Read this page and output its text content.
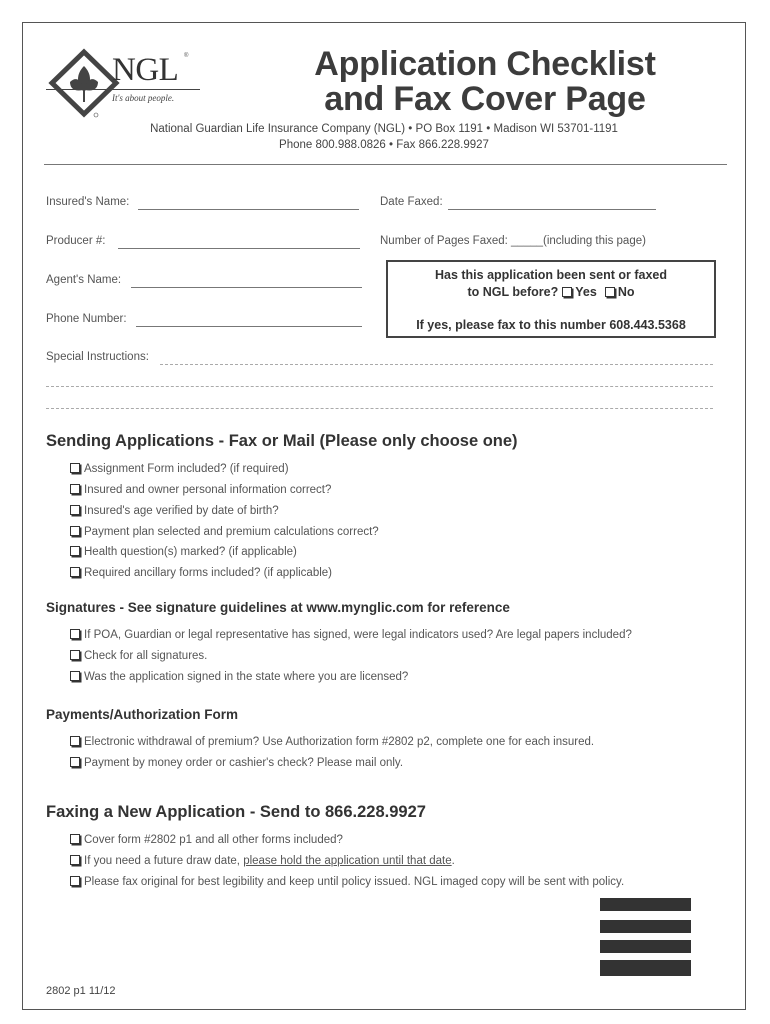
NGL ®
It's about people.
Application Checklist
and Fax Cover Page
National Guardian Life Insurance Company (NGL) • PO Box 1191 • Madison WI 53701-1191
Phone 800.988.0826 • Fax 866.228.9927
Insured's Name:	Date Faxed:
Producer #:	Number of Pages Faxed: _____(including this page)
Agent's Name:
Phone Number:
Special Instructions:
Has this application been sent or faxed
to NGL before? Yes No
If yes, please fax to this number 608.443.5368
Sending Applications - Fax or Mail (Please only choose one)
Assignment Form included? (if required)
Insured and owner personal information correct?
Insured's age verified by date of birth?
Payment plan selected and premium calculations correct?
Health question(s) marked? (if applicable)
Required ancillary forms included? (if applicable)
Signatures - See signature guidelines at www.mynglic.com for reference
If POA, Guardian or legal representative has signed, were legal indicators used? Are legal papers included?
Check for all signatures.
Was the application signed in the state where you are licensed?
Payments/Authorization Form
Electronic withdrawal of premium? Use Authorization form #2802 p2, complete one for each insured.
Payment by money order or cashier's check? Please mail only.
Faxing a New Application - Send to 866.228.9927
Cover form #2802 p1 and all other forms included?
If you need a future draw date, please hold the application until that date.
Please fax original for best legibility and keep until policy issued. NGL imaged copy will be sent with policy.
2802 p1 11/12
